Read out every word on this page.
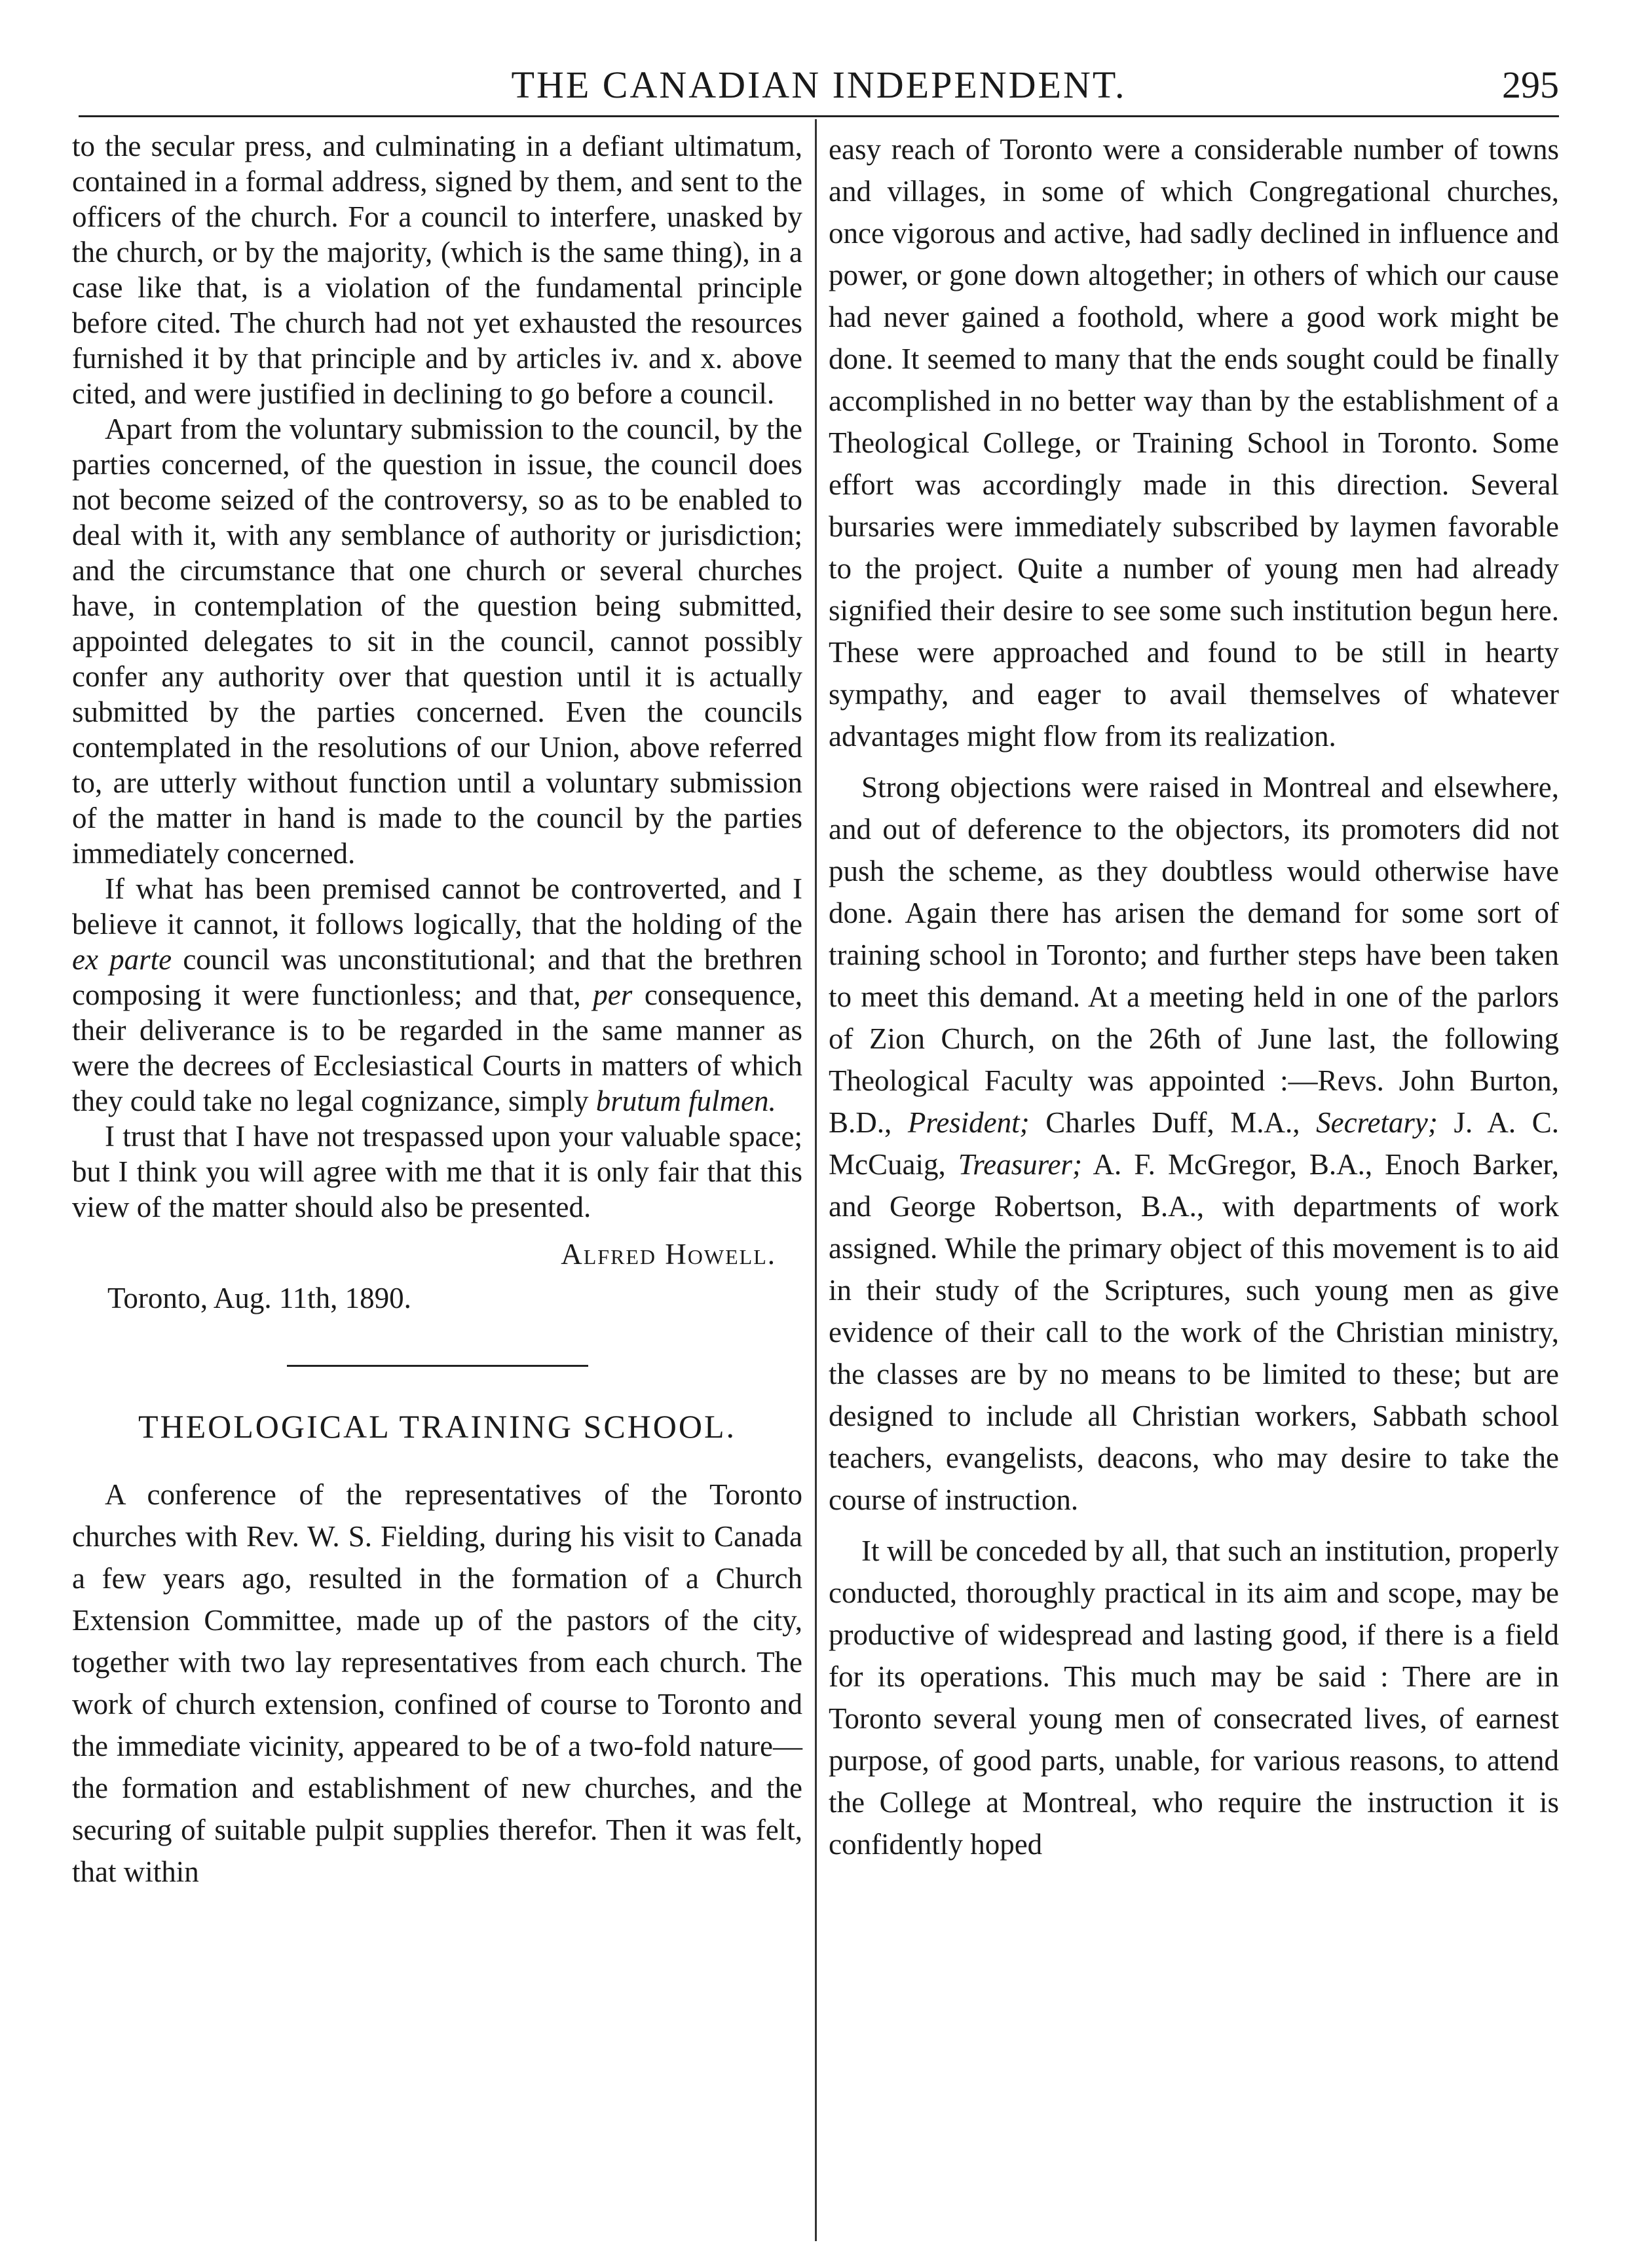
THE CANADIAN INDEPENDENT.	295

to the secular press, and culminating in a defiant ultimatum, contained in a formal address, signed by them, and sent to the officers of the church. For a council to interfere, unasked by the church, or by the majority, (which is the same thing), in a case like that, is a violation of the fundamental principle before cited. The church had not yet exhausted the resources furnished it by that principle and by articles iv. and x. above cited, and were justified in declining to go before a council.

Apart from the voluntary submission to the council, by the parties concerned, of the question in issue, the council does not become seized of the controversy, so as to be enabled to deal with it, with any semblance of authority or jurisdiction; and the circumstance that one church or several churches have, in contemplation of the question being submitted, appointed delegates to sit in the council, cannot possibly confer any authority over that question until it is actually submitted by the parties concerned. Even the councils contemplated in the resolutions of our Union, above referred to, are utterly without function until a voluntary submission of the matter in hand is made to the council by the parties immediately concerned.

If what has been premised cannot be controverted, and I believe it cannot, it follows logically, that the holding of the ex parte council was unconstitutional; and that the brethren composing it were functionless; and that, per consequence, their deliverance is to be regarded in the same manner as were the decrees of Ecclesiastical Courts in matters of which they could take no legal cognizance, simply brutum fulmen.

I trust that I have not trespassed upon your valuable space; but I think you will agree with me that it is only fair that this view of the matter should also be presented.

Alfred Howell.
Toronto, Aug. 11th, 1890.
THEOLOGICAL TRAINING SCHOOL.

A conference of the representatives of the Toronto churches with Rev. W. S. Fielding, during his visit to Canada a few years ago, resulted in the formation of a Church Extension Committee, made up of the pastors of the city, together with two lay representatives from each church. The work of church extension, confined of course to Toronto and the immediate vicinity, appeared to be of a two-fold nature—the formation and establishment of new churches, and the securing of suitable pulpit supplies therefor. Then it was felt, that within

easy reach of Toronto were a considerable number of towns and villages, in some of which Congregational churches, once vigorous and active, had sadly declined in influence and power, or gone down altogether; in others of which our cause had never gained a foothold, where a good work might be done. It seemed to many that the ends sought could be finally accomplished in no better way than by the establishment of a Theological College, or Training School in Toronto. Some effort was accordingly made in this direction. Several bursaries were immediately subscribed by laymen favorable to the project. Quite a number of young men had already signified their desire to see some such institution begun here. These were approached and found to be still in hearty sympathy, and eager to avail themselves of whatever advantages might flow from its realization.

Strong objections were raised in Montreal and elsewhere, and out of deference to the objectors, its promoters did not push the scheme, as they doubtless would otherwise have done. Again there has arisen the demand for some sort of training school in Toronto; and further steps have been taken to meet this demand. At a meeting held in one of the parlors of Zion Church, on the 26th of June last, the following Theological Faculty was appointed :—Revs. John Burton, B.D., President; Charles Duff, M.A., Secretary; J. A. C. McCuaig, Treasurer; A. F. McGregor, B.A., Enoch Barker, and George Robertson, B.A., with departments of work assigned. While the primary object of this movement is to aid in their study of the Scriptures, such young men as give evidence of their call to the work of the Christian ministry, the classes are by no means to be limited to these; but are designed to include all Christian workers, Sabbath school teachers, evangelists, deacons, who may desire to take the course of instruction.

It will be conceded by all, that such an institution, properly conducted, thoroughly practical in its aim and scope, may be productive of widespread and lasting good, if there is a field for its operations. This much may be said : There are in Toronto several young men of consecrated lives, of earnest purpose, of good parts, unable, for various reasons, to attend the College at Montreal, who require the instruction it is confidently hoped
